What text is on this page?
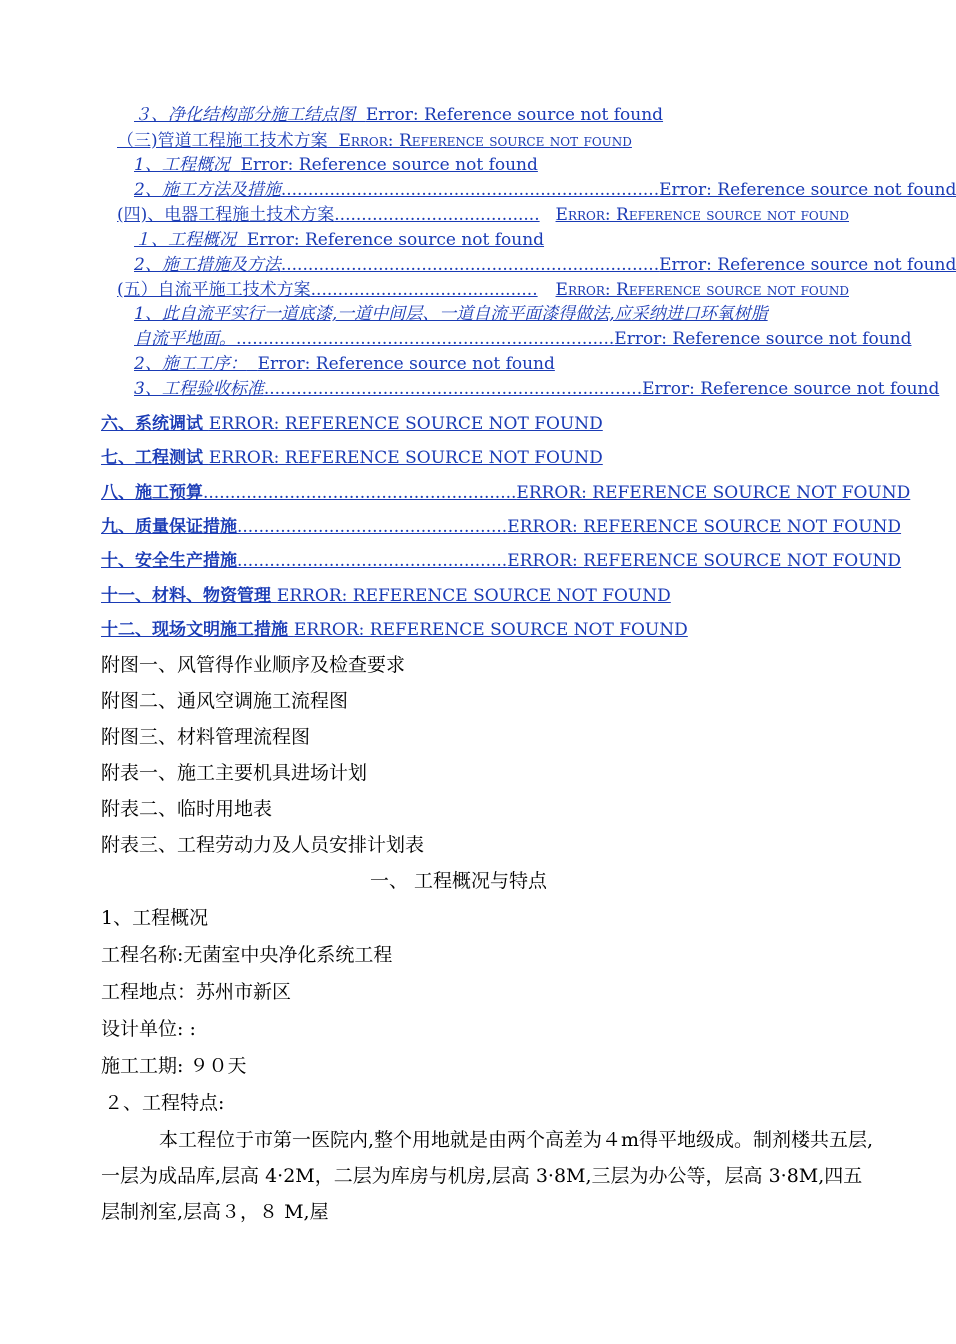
３、净化结构部分施工结点图
Error: Reference source not found
（三)管道工程施工技术方案
Error: Reference source not found
1、工程概况
Error: Reference source not found
2、施工方法及措施 ...................................................................... Error: Reference source not found
(四)、电器工程施土技术方案 ...................................... Error: Reference source not found
１、工程概况
Error: Reference source not found
2、施工措施及方法 ...................................................................... Error: Reference source not found
(五）自流平施工技术方案 ..........................................	Error: Reference source not found
1、此自流平实行一道底漆,一道中间层、一道自流平面漆得做法,应采纳进口环氧树脂
自流平地面。 ...................................................................... Error: Reference source not found
2、施工工序：
Error: Reference source not found
3、工程验收标准 ...................................................................... Error: Reference source not found
六、系统调试
ERROR: REFERENCE SOURCE NOT FOUND
七、工程测试
ERROR: REFERENCE SOURCE NOT FOUND
八、施工预算 .......................................................... ERROR: REFERENCE SOURCE NOT FOUND
九、质量保证措施 .................................................. ERROR: REFERENCE SOURCE NOT FOUND
十、安全生产措施 .................................................. ERROR: REFERENCE SOURCE NOT FOUND
十一、材料、物资管理
ERROR: REFERENCE SOURCE NOT FOUND
十二、现场文明施工措施
ERROR: REFERENCE SOURCE NOT FOUND
附图一、风管得作业顺序及检查要求
附图二、通风空调施工流程图
附图三、材料管理流程图
附表一、施工主要机具进场计划
附表二、临时用地表
附表三、工程劳动力及人员安排计划表
一、 工程概况与特点
1、工程概况
工程名称:无菌室中央净化系统工程
工程地点：苏州市新区
设计单位: :
施工工期: ９０天
２、工程特点:
本工程位于市第一医院内,整个用地就是由两个高差为４m得平地级成。制剂楼共五层,一层为成品库,层高 4·2M，二层为库房与机房,层高 3·8M,三层为办公等，层高 3·8M,四五层制剂室,层高３，８ M,屋
